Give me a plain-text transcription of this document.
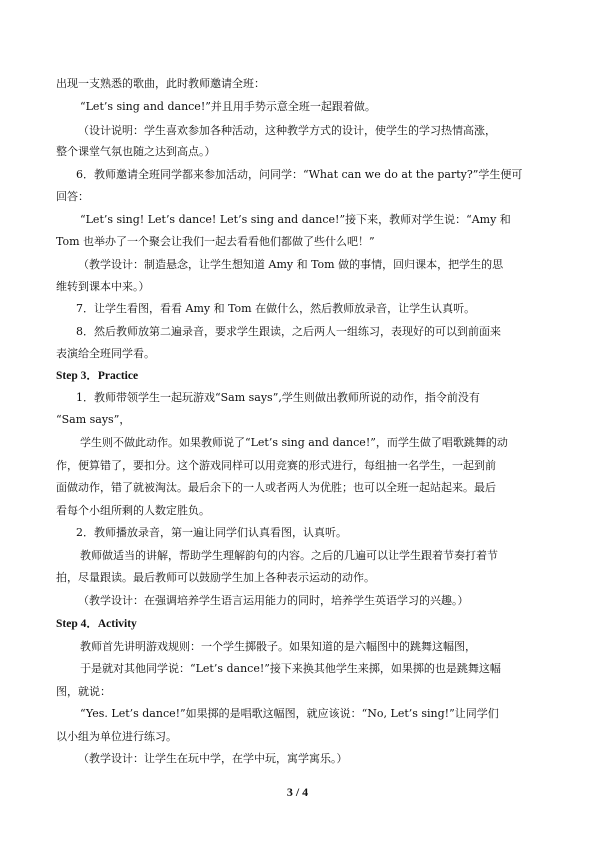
出现一支熟悉的歌曲，此时教师邀请全班：
“Let’s sing and dance!”并且用手势示意全班一起跟着做。
（设计说明：学生喜欢参加各种活动，这种教学方式的设计，使学生的学习热情高涨，
整个课堂气氛也随之达到高点。）
6．教师邀请全班同学都来参加活动，问同学：“What can we do at the party?”学生便可
回答：
“Let’s sing! Let’s dance! Let’s sing and dance!”接下来，教师对学生说：“Amy 和
Tom 也举办了一个聚会让我们一起去看看他们都做了些什么吧！”
（教学设计：制造悬念，让学生想知道 Amy 和 Tom 做的事情，回归课本，把学生的思
维转到课本中来。）
7．让学生看图，看看 Amy 和 Tom 在做什么，然后教师放录音，让学生认真听。
8．然后教师放第二遍录音，要求学生跟读，之后两人一组练习，表现好的可以到前面来
表演给全班同学看。
Step 3．Practice
1．教师带领学生一起玩游戏“Sam says”,学生则做出教师所说的动作，指令前没有
“Sam says”，
学生则不做此动作。如果教师说了“Let’s sing and dance!”，而学生做了唱歌跳舞的动
作，便算错了，要扣分。这个游戏同样可以用竞赛的形式进行，每组抽一名学生，一起到前
面做动作，错了就被淘汰。最后余下的一人或者两人为优胜；也可以全班一起站起来。最后
看每个小组所剩的人数定胜负。
2．教师播放录音，第一遍让同学们认真看图，认真听。
教师做适当的讲解，帮助学生理解韵句的内容。之后的几遍可以让学生跟着节奏打着节
拍，尽量跟读。最后教师可以鼓励学生加上各种表示运动的动作。
（教学设计：在强调培养学生语言运用能力的同时，培养学生英语学习的兴趣。）
Step 4．Activity
教师首先讲明游戏规则：一个学生掷骰子。如果知道的是六幅图中的跳舞这幅图，
于是就对其他同学说：“Let’s dance!”接下来换其他学生来掷，如果掷的也是跳舞这幅
图，就说：
“Yes. Let’s dance!”如果掷的是唱歌这幅图，就应该说：“No, Let’s sing!”让同学们
以小组为单位进行练习。
（教学设计：让学生在玩中学，在学中玩，寓学寓乐。）
3 / 4
